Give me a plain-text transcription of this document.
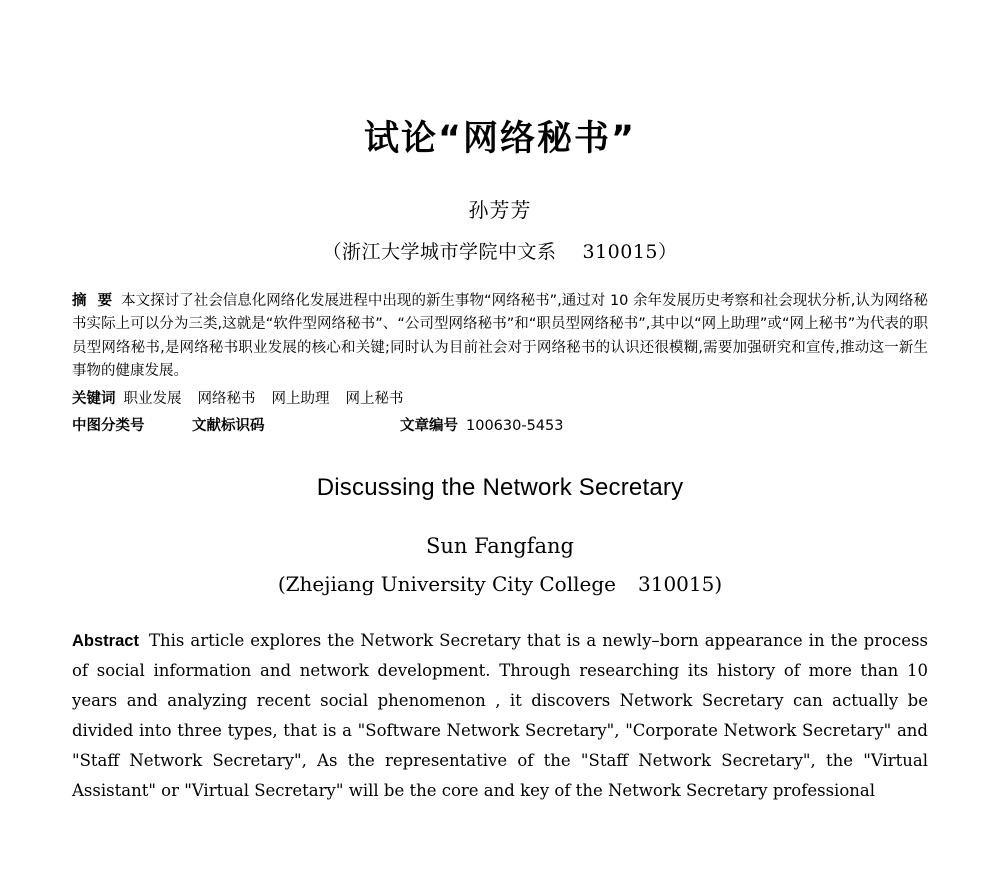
试论“网络秘书”
孙芳芳
（浙江大学城市学院中文系 310015）
摘 要 本文探讨了社会信息化网络化发展进程中出现的新生事物“网络秘书”,通过对 10 余年发展历史考察和社会现状分析,认为网络秘书实际上可以分为三类,这就是“软件型网络秘书”、“公司型网络秘书”和“职员型网络秘书”,其中以“网上助理”或“网上秘书”为代表的职员型网络秘书,是网络秘书职业发展的核心和关键;同时认为目前社会对于网络秘书的认识还很模糊,需要加强研究和宣传,推动这一新生事物的健康发展。
关键词 职业发展 网络秘书 网上助理 网上秘书
中图分类号	文献标识码	文章编号 100630-5453
Discussing the Network Secretary
Sun Fangfang
(Zhejiang University City College 310015)
Abstract This article explores the Network Secretary that is a newly–born appearance in the process of social information and network development. Through researching its history of more than 10 years and analyzing recent social phenomenon , it discovers Network Secretary can actually be divided into three types, that is a "Software Network Secretary", "Corporate Network Secretary" and "Staff Network Secretary", As the representative of the "Staff Network Secretary", the "Virtual Assistant" or "Virtual Secretary" will be the core and key of the Network Secretary professional
